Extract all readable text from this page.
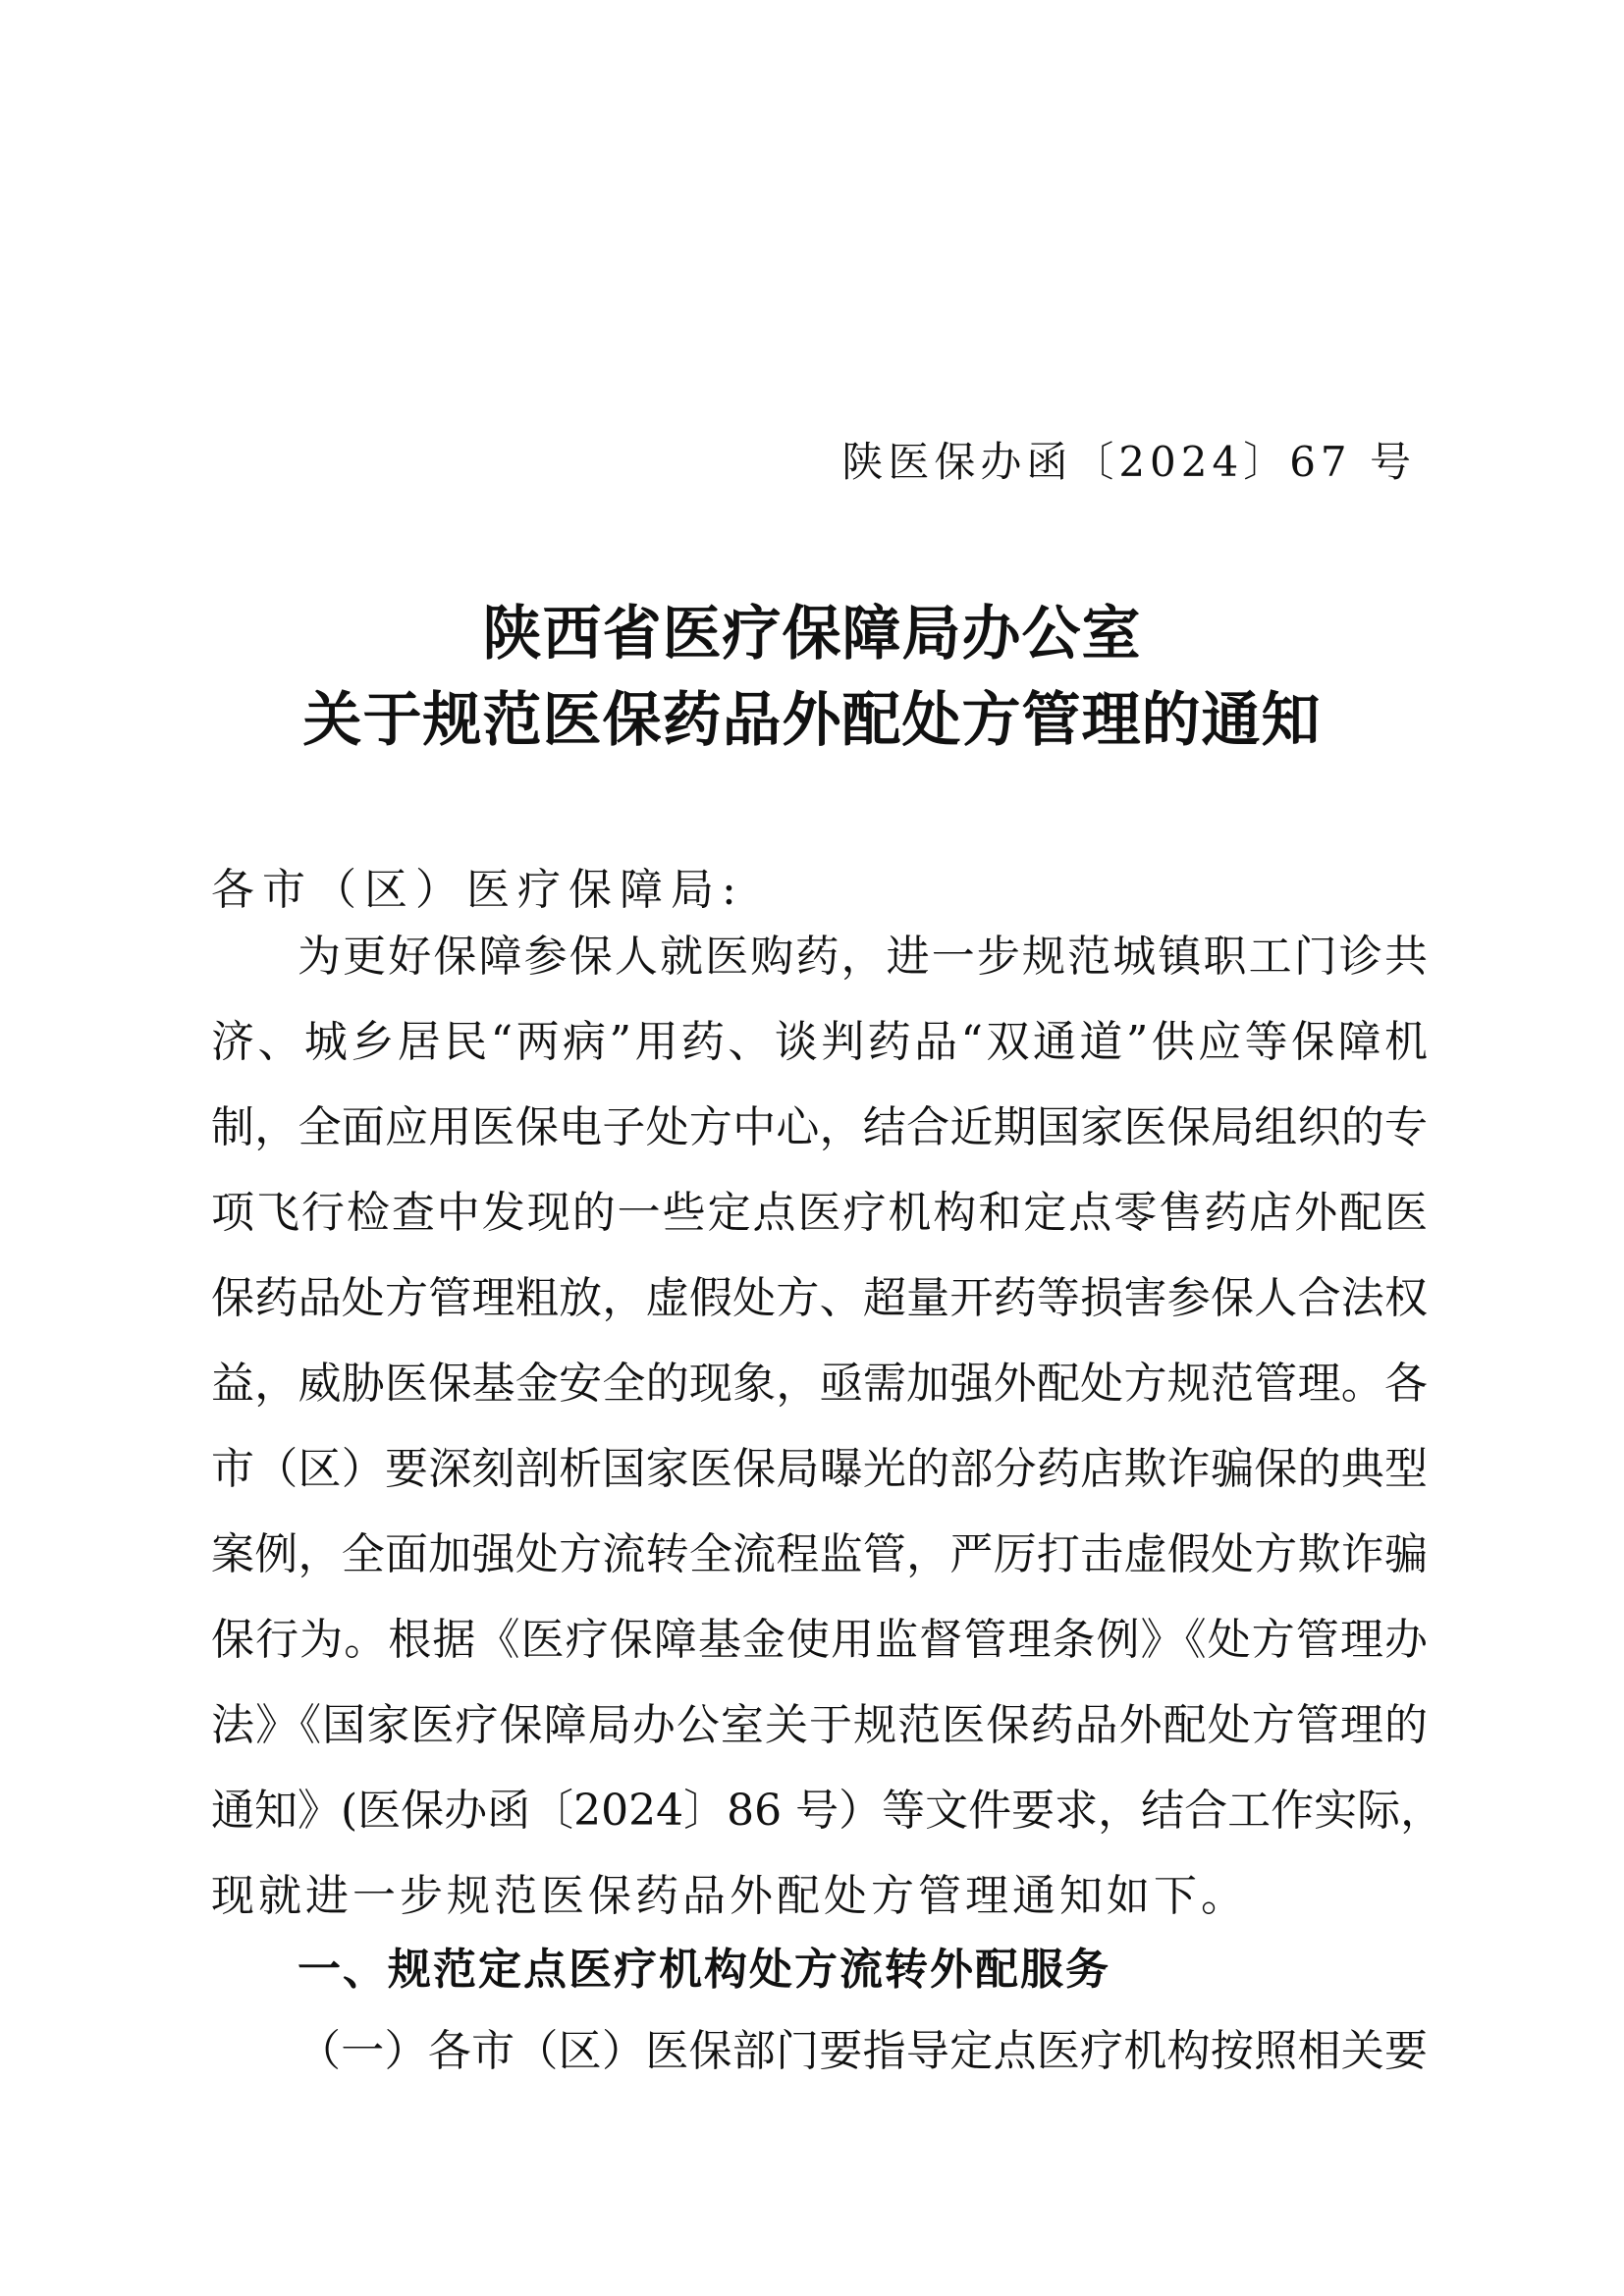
陕医保办函〔2024〕67 号
陕西省医疗保障局办公室
关于规范医保药品外配处方管理的通知
各市（区）医疗保障局:
为更好保障参保人就医购药，进一步规范城镇职工门诊共
济、城乡居民“两病”用药、谈判药品“双通道”供应等保障机
制，全面应用医保电子处方中心，结合近期国家医保局组织的专
项飞行检查中发现的一些定点医疗机构和定点零售药店外配医
保药品处方管理粗放，虚假处方、超量开药等损害参保人合法权
益，威胁医保基金安全的现象，亟需加强外配处方规范管理。各
市（区）要深刻剖析国家医保局曝光的部分药店欺诈骗保的典型
案例，全面加强处方流转全流程监管，严厉打击虚假处方欺诈骗
保行为。根据《医疗保障基金使用监督管理条例》《处方管理办
法》《国家医疗保障局办公室关于规范医保药品外配处方管理的
通知》(医保办函〔2024〕86 号）等文件要求，结合工作实际，
现就进一步规范医保药品外配处方管理通知如下。
一、规范定点医疗机构处方流转外配服务
（一）各市（区）医保部门要指导定点医疗机构按照相关要
